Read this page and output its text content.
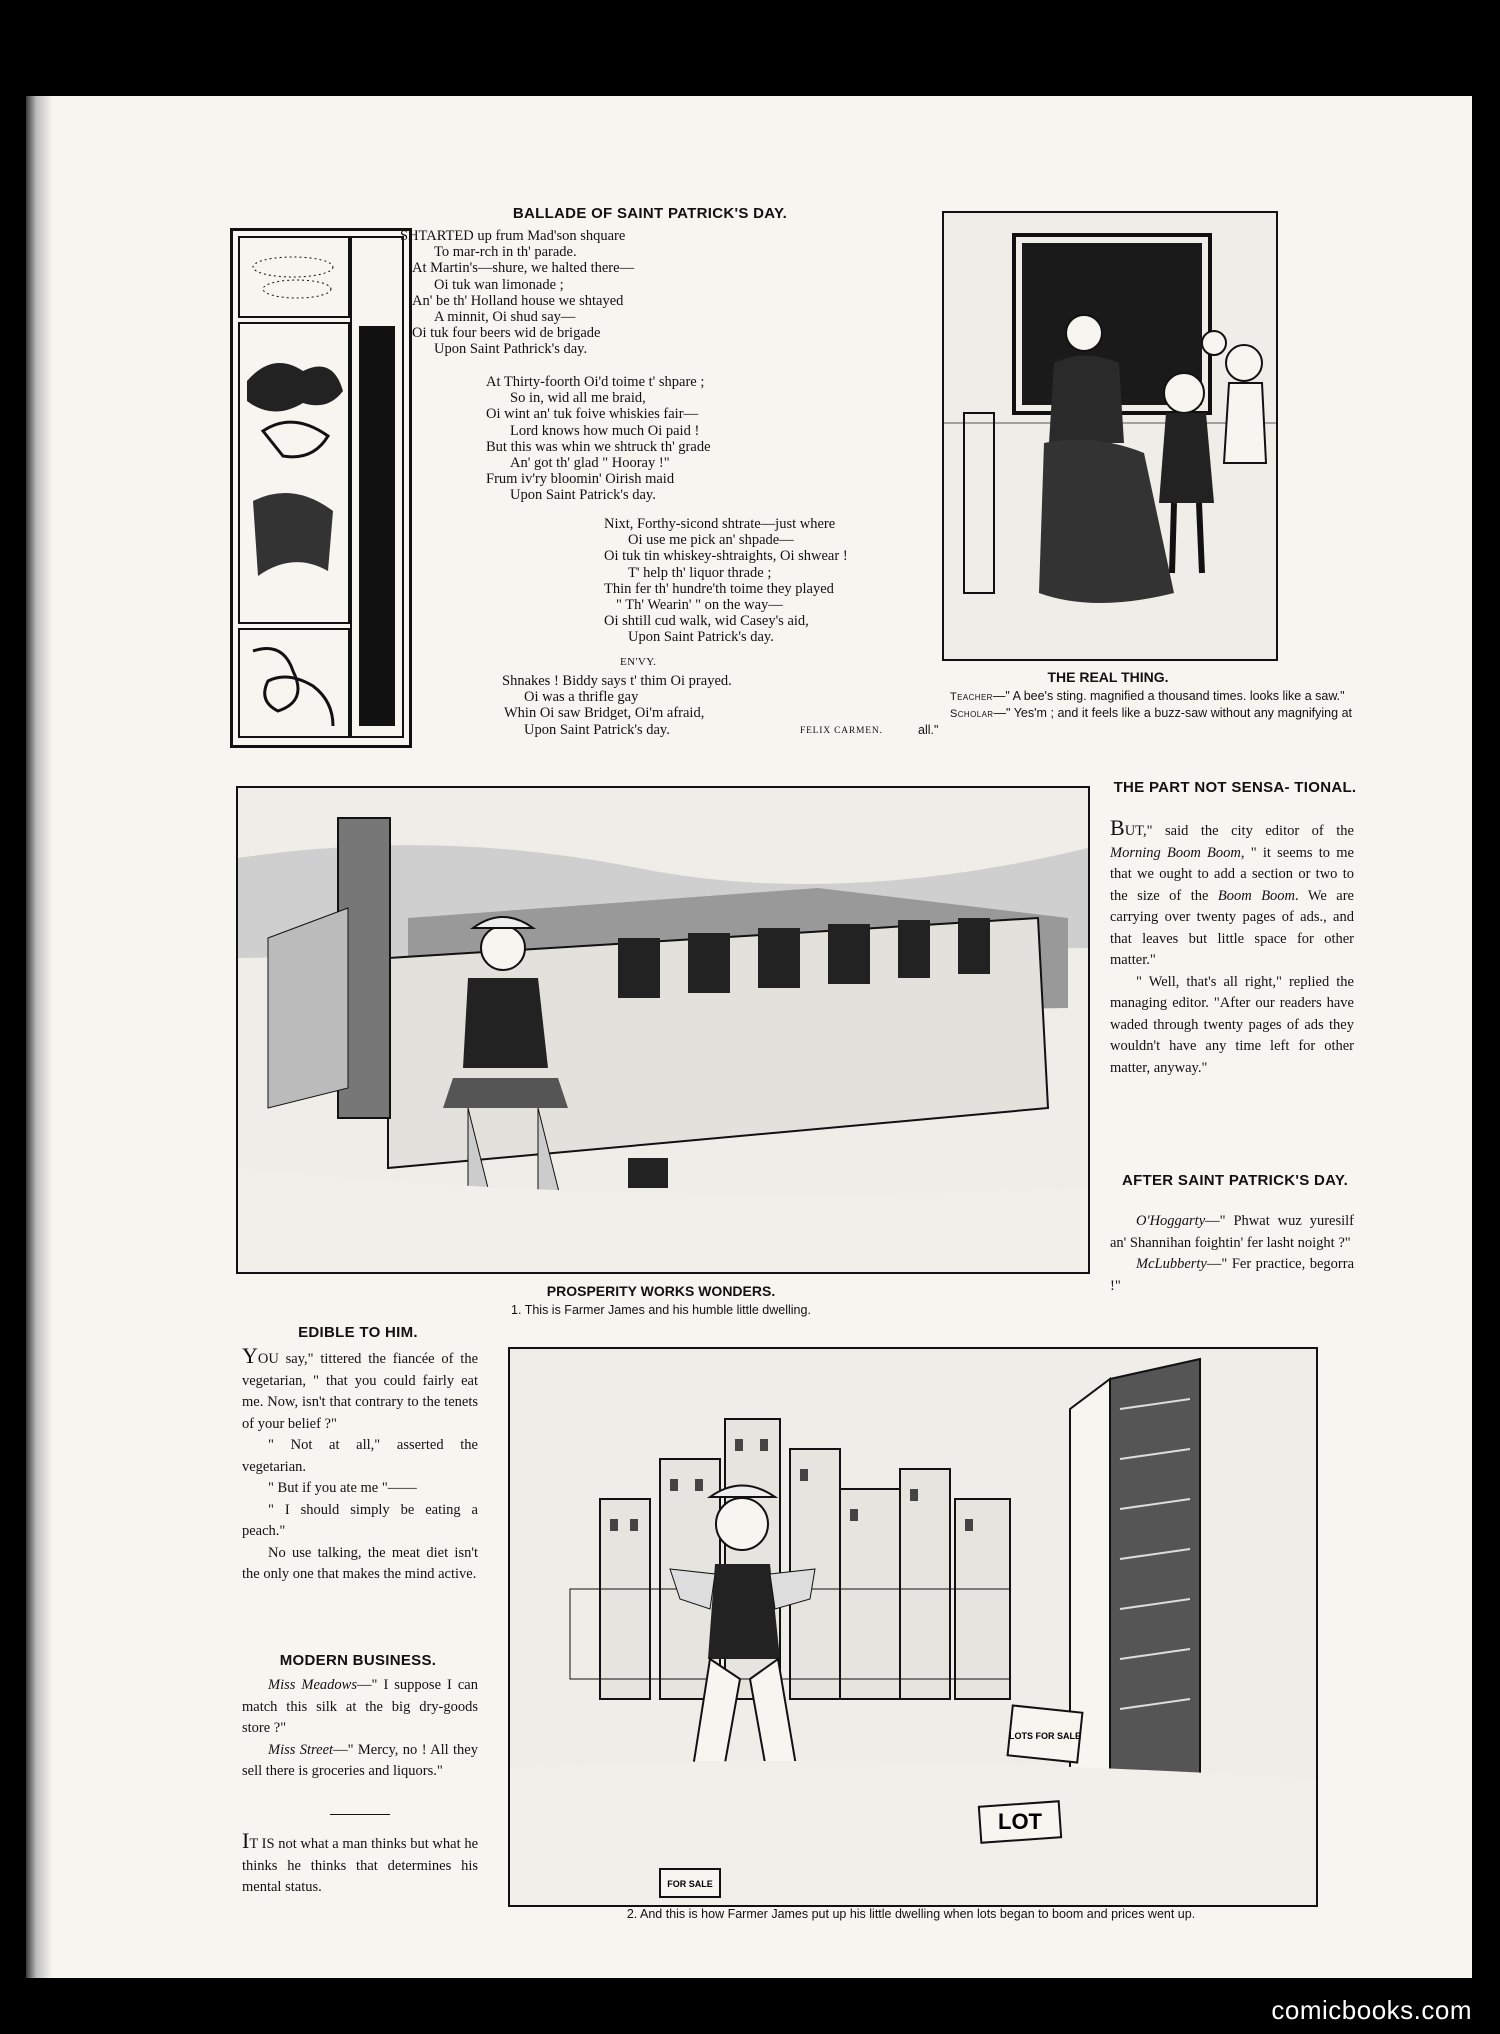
BALLADE OF SAINT PATRICK'S DAY.
SHTARTED up frum Mad'son shquare
To mar-rch in th' parade.
At Martin's—shure, we halted there—
Oi tuk wan limonade ;
An' be th' Holland house we shtayed
A minnit, Oi shud say—
Oi tuk four beers wid de brigade
Upon Saint Pathrick's day.
At Thirty-foorth Oi'd toime t' shpare ;
So in, wid all me braid,
Oi wint an' tuk foive whiskies fair—
Lord knows how much Oi paid !
But this was whin we shtruck th' grade
An' got th' glad " Hooray !"
Frum iv'ry bloomin' Oirish maid
Upon Saint Patrick's day.
Nixt, Forthy-sicond shtrate—just where
Oi use me pick an' shpade—
Oi tuk tin whiskey-shtraights, Oi shwear !
T' help th' liquor thrade ;
Thin fer th' hundre'th toime they played
" Th' Wearin' " on the way—
Oi shtill cud walk, wid Casey's aid,
Upon Saint Patrick's day.
EN'VY.
Shnakes ! Biddy says t' thim Oi prayed.
Oi was a thrifle gay
Whin Oi saw Bridget, Oi'm afraid,
Upon Saint Patrick's day.	FELIX CARMEN.
THE REAL THING.
Teacher—" A bee's sting. magnified a thousand times. looks like a saw."
Scholar—" Yes'm ; and it feels like a buzz-saw without any magnifying at all."
PROSPERITY WORKS WONDERS.
1. This is Farmer James and his humble little dwelling.
THE PART NOT SENSA- TIONAL.

BUT," said the city editor of the Morning Boom Boom, " it seems to me that we ought to add a section or two to the size of the Boom Boom. We are carrying over twenty pages of ads., and that leaves but little space for other matter."

" Well, that's all right," replied the managing editor. "After our readers have waded through twenty pages of ads they wouldn't have any time left for other matter, anyway."

AFTER SAINT PATRICK'S DAY.

O'Hoggarty—" Phwat wuz yuresilf an' Shannihan foightin' fer lasht noight ?"

McLubberty—" Fer practice, begorra !"

EDIBLE TO HIM.

YOU say," tittered the fiancée of the vegetarian, " that you could fairly eat me. Now, isn't that contrary to the tenets of your belief ?"

" Not at all," asserted the vegetarian.

" But if you ate me "——

" I should simply be eating a peach."

No use talking, the meat diet isn't the only one that makes the mind active.

MODERN BUSINESS.

Miss Meadows—" I suppose I can match this silk at the big dry-goods store ?"

Miss Street—" Mercy, no ! All they sell there is groceries and liquors."

IT IS not what a man thinks but what he thinks he thinks that determines his mental status.

LOT
LOTS FOR SALE
FOR SALE
2. And this is how Farmer James put up his little dwelling when lots began to boom and prices went up.
comicbooks.com
